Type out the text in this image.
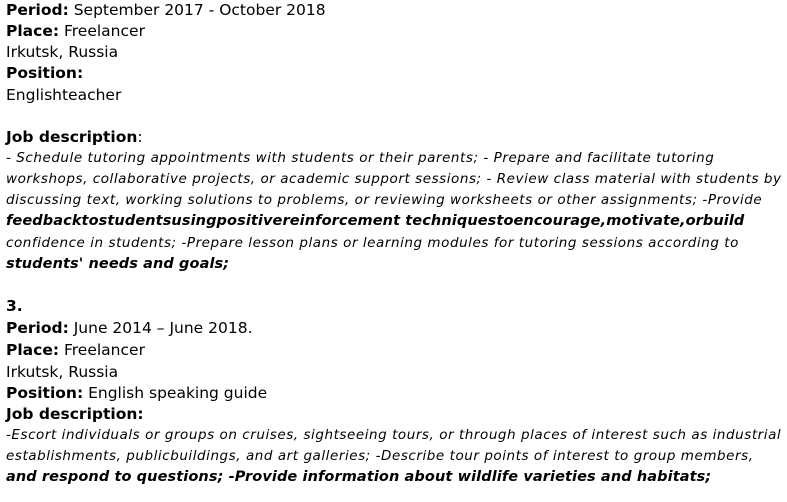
Period: September 2017 - October 2018
Place: Freelancer
Irkutsk, Russia
Position:
Englishteacher
Job description:
- Schedule tutoring appointments with students or their parents; - Prepare and facilitate tutoring
workshops, collaborative projects, or academic support sessions; - Review class material with students by
discussing text, working solutions to problems, or reviewing worksheets or other assignments; -Provide
feedbacktostudentsusingpositivereinforcement techniquestoencourage,motivate,orbuild
confidence in students; -Prepare lesson plans or learning modules for tutoring sessions according to
students' needs and goals;
3.
Period: June 2014 – June 2018.
Place: Freelancer
Irkutsk, Russia
Position: English speaking guide
Job description:
-Escort individuals or groups on cruises, sightseeing tours, or through places of interest such as industrial
establishments, publicbuildings, and art galleries; -Describe tour points of interest to group members,
and respond to questions; -Provide information about wildlife varieties and habitats;
